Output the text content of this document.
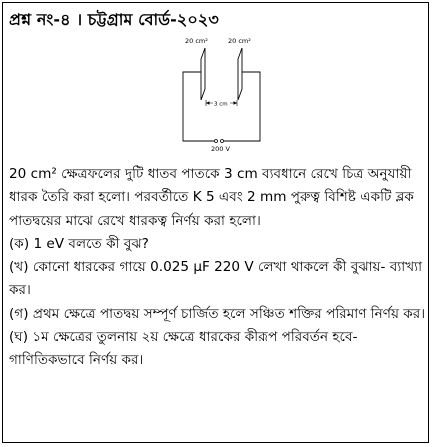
প্রশ্ন নং-৪ । চট্টগ্রাম বোর্ড-২০২৩
20 cm²	20 cm²
3 cm
200 V

20 cm² ক্ষেত্রফলের দুটি ধাতব পাতকে 3 cm ব্যবধানে রেখে চিত্র অনুযায়ী ধারক তৈরি করা হলো। পরবর্তীতে K 5 এবং 2 mm পুরুত্ব বিশিষ্ট একটি ব্লক পাতদ্বয়ের মাঝে রেখে ধারকত্ব নির্ণয় করা হলো।

(ক) 1 eV বলতে কী বুঝ?

(খ) কোনো ধারকের গায়ে 0.025 μF 220 V লেখা থাকলে কী বুঝায়- ব্যাখ্যা কর।

(গ) প্রথম ক্ষেত্রে পাতদ্বয় সম্পূর্ণ চার্জিত হলে সঞ্চিত শক্তির পরিমাণ নির্ণয় কর।

(ঘ) ১ম ক্ষেত্রের তুলনায় ২য় ক্ষেত্রে ধারকের কীরূপ পরিবর্তন হবে- গাণিতিকভাবে নির্ণয় কর।
